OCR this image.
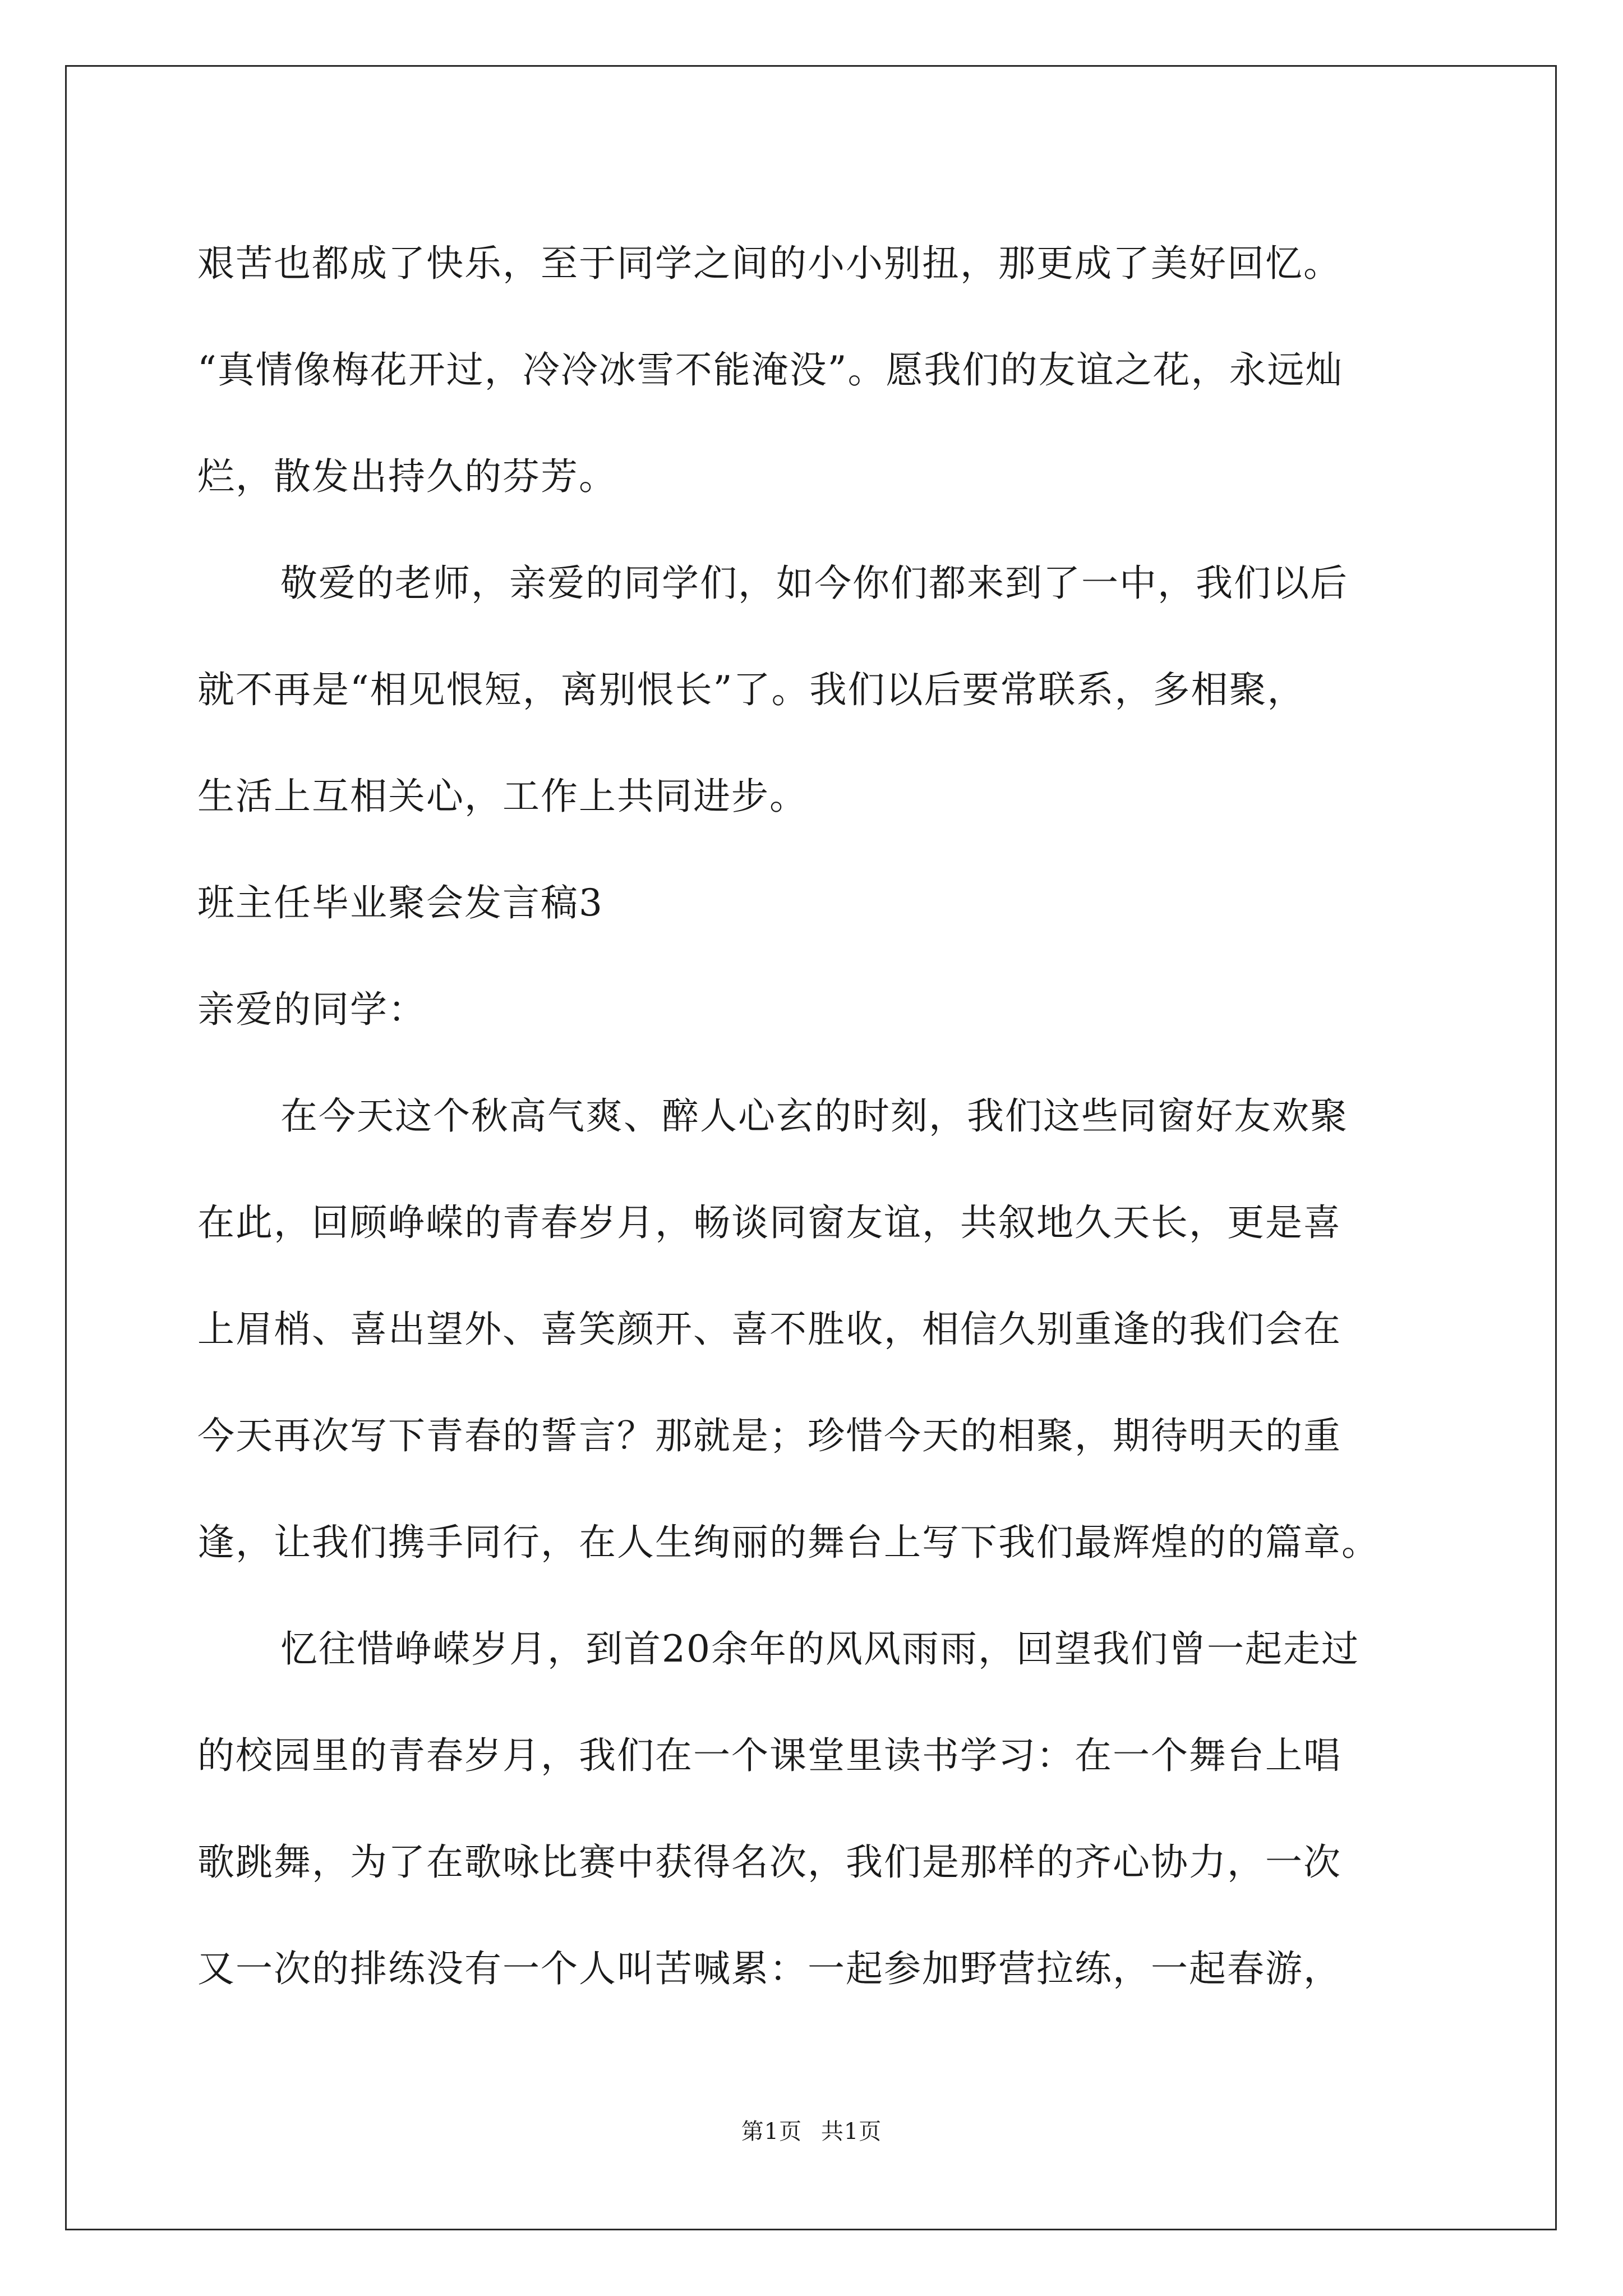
艰苦也都成了快乐，至于同学之间的小小别扭，那更成了美好回忆。
“真情像梅花开过，冷冷冰雪不能淹没”。愿我们的友谊之花，永远灿
烂，散发出持久的芬芳。
敬爱的老师，亲爱的同学们，如今你们都来到了一中，我们以后
就不再是“相见恨短，离别恨长”了。我们以后要常联系，多相聚，
生活上互相关心，工作上共同进步。
班主任毕业聚会发言稿3
亲爱的同学：
在今天这个秋高气爽、醉人心玄的时刻，我们这些同窗好友欢聚
在此，回顾峥嵘的青春岁月，畅谈同窗友谊，共叙地久天长，更是喜
上眉梢、喜出望外、喜笑颜开、喜不胜收，相信久别重逢的我们会在
今天再次写下青春的誓言？那就是；珍惜今天的相聚，期待明天的重
逢，让我们携手同行，在人生绚丽的舞台上写下我们最辉煌的的篇章。
忆往惜峥嵘岁月，到首20余年的风风雨雨，回望我们曾一起走过
的校园里的青春岁月，我们在一个课堂里读书学习：在一个舞台上唱
歌跳舞，为了在歌咏比赛中获得名次，我们是那样的齐心协力，一次
又一次的排练没有一个人叫苦喊累：一起参加野营拉练，一起春游，
第1页 共1页
